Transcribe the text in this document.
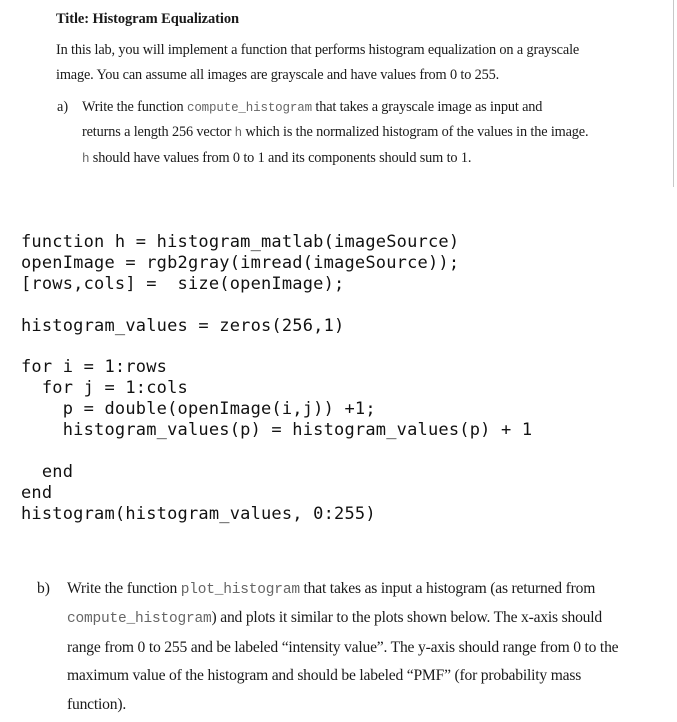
Title: Histogram Equalization
In this lab, you will implement a function that performs histogram equalization on a grayscale
image. You can assume all images are grayscale and have values from 0 to 255.
a) Write the function compute_histogram that takes a grayscale image as input and
returns a length 256 vector h which is the normalized histogram of the values in the image.
h should have values from 0 to 1 and its components should sum to 1.
function h = histogram_matlab(imageSource)
openImage = rgb2gray(imread(imageSource));
[rows,cols] =  size(openImage);
histogram_values = zeros(256,1)
for i = 1:rows
for j = 1:cols
p = double(openImage(i,j)) +1;
histogram_values(p) = histogram_values(p) + 1
end
end
histogram(histogram_values, 0:255)
b) Write the function plot_histogram that takes as input a histogram (as returned from
compute_histogram) and plots it similar to the plots shown below. The x-axis should
range from 0 to 255 and be labeled “intensity value”. The y-axis should range from 0 to the
maximum value of the histogram and should be labeled “PMF” (for probability mass
function).
